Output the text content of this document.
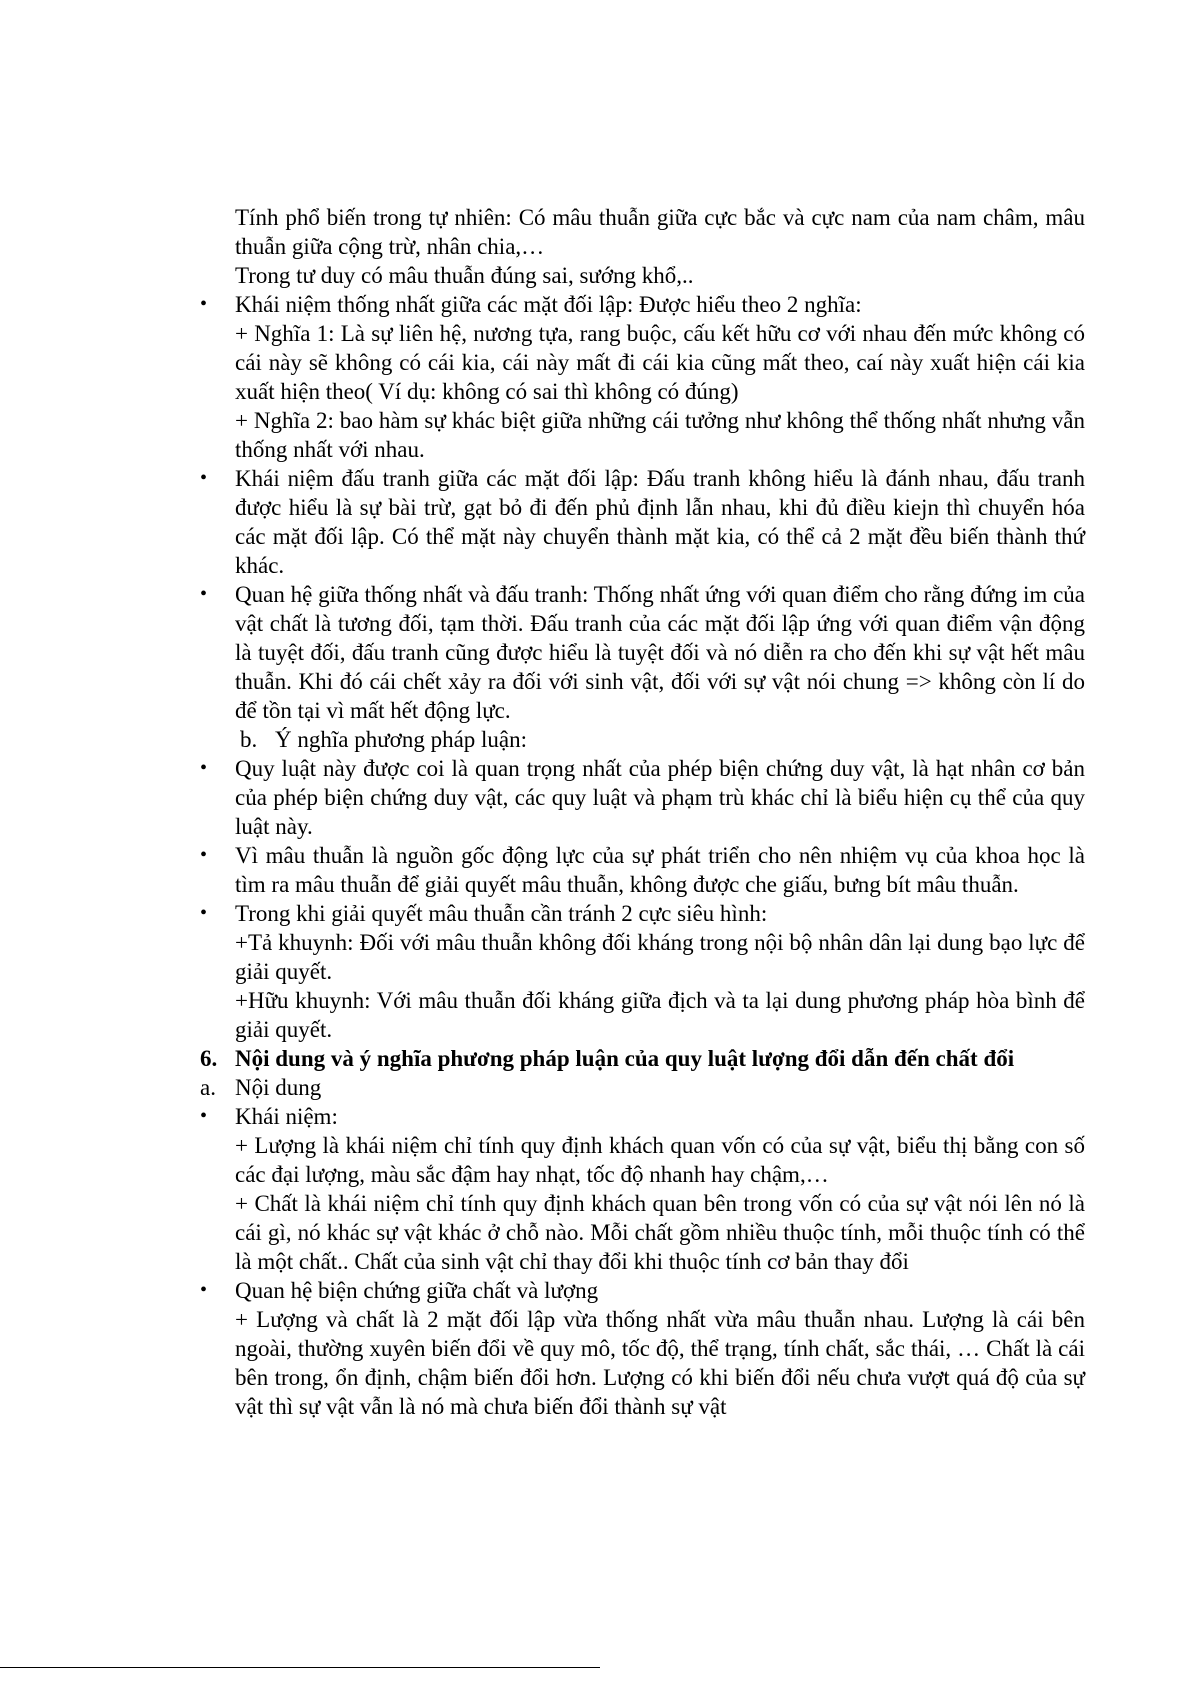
Tính phổ biến trong tự nhiên: Có mâu thuẫn giữa cực bắc và cực nam của nam châm, mâu thuẫn giữa cộng trừ, nhân chia,…

Trong tư duy có mâu thuẫn đúng sai, sướng khổ,..

•	Khái niệm thống nhất giữa các mặt đối lập: Được hiểu theo 2 nghĩa:

+ Nghĩa 1: Là sự liên hệ, nương tựa, rang buộc, cấu kết hữu cơ với nhau đến mức không có cái này sẽ không có cái kia, cái này mất đi cái kia cũng mất theo, caí này xuất hiện cái kia xuất hiện theo( Ví dụ: không có sai thì không có đúng)

+ Nghĩa 2: bao hàm sự khác biệt giữa những cái tưởng như không thể thống nhất nhưng vẫn thống nhất với nhau.

•	Khái niệm đấu tranh giữa các mặt đối lập: Đấu tranh không hiểu là đánh nhau, đấu tranh được hiểu là sự bài trừ, gạt bỏ đi đến phủ định lẫn nhau, khi đủ điều kiejn thì chuyển hóa các mặt đối lập. Có thể mặt này chuyển thành mặt kia, có thể cả 2 mặt đều biến thành thứ khác.
•	Quan hệ giữa thống nhất và đấu tranh: Thống nhất ứng với quan điểm cho rằng đứng im của vật chất là tương đối, tạm thời. Đấu tranh của các mặt đối lập ứng với quan điểm vận động là tuyệt đối, đấu tranh cũng được hiểu là tuyệt đối và nó diễn ra cho đến khi sự vật hết mâu thuẫn. Khi đó cái chết xảy ra đối với sinh vật, đối với sự vật nói chung => không còn lí do để tồn tại vì mất hết động lực.
b. Ý nghĩa phương pháp luận:
•	Quy luật này được coi là quan trọng nhất của phép biện chứng duy vật, là hạt nhân cơ bản của phép biện chứng duy vật, các quy luật và phạm trù khác chỉ là biểu hiện cụ thể của quy luật này.
•	Vì mâu thuẫn là nguồn gốc động lực của sự phát triển cho nên nhiệm vụ của khoa học là tìm ra mâu thuẫn để giải quyết mâu thuẫn, không được che giấu, bưng bít mâu thuẫn.
•	Trong khi giải quyết mâu thuẫn cần tránh 2 cực siêu hình:

+Tả khuynh: Đối với mâu thuẫn không đối kháng trong nội bộ nhân dân lại dung bạo lực để giải quyết.

+Hữu khuynh: Với mâu thuẫn đối kháng giữa địch và ta lại dung phương pháp hòa bình để giải quyết.

6. Nội dung và ý nghĩa phương pháp luận của quy luật lượng đổi dẫn đến chất đổi
a. Nội dung
•	Khái niệm:

+ Lượng là khái niệm chỉ tính quy định khách quan vốn có của sự vật, biểu thị bằng con số các đại lượng, màu sắc đậm hay nhạt, tốc độ nhanh hay chậm,…

+ Chất là khái niệm chỉ tính quy định khách quan bên trong vốn có của sự vật nói lên nó là cái gì, nó khác sự vật khác ở chỗ nào. Mỗi chất gồm nhiều thuộc tính, mỗi thuộc tính có thể là một chất.. Chất của sinh vật chỉ thay đổi khi thuộc tính cơ bản thay đổi

•	Quan hệ biện chứng giữa chất và lượng

+ Lượng và chất là 2 mặt đối lập vừa thống nhất vừa mâu thuẫn nhau. Lượng là cái bên ngoài, thường xuyên biến đổi về quy mô, tốc độ, thể trạng, tính chất, sắc thái, … Chất là cái bên trong, ổn định, chậm biến đổi hơn. Lượng có khi biến đổi nếu chưa vượt quá độ của sự vật thì sự vật vẫn là nó mà chưa biến đổi thành sự vật
